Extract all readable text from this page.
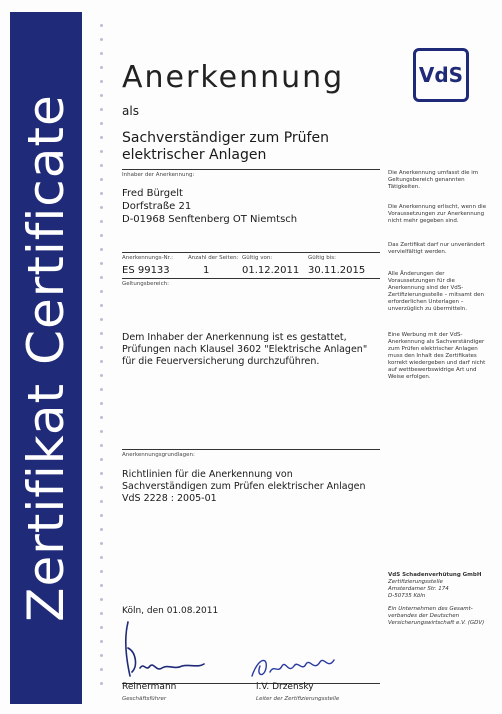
Zertifikat
Certificate
Anerkennung
als
Sachverständiger zum Prüfen
elektrischer Anlagen
VdS
Inhaber der Anerkennung:
Fred Bürgelt
Dorfstraße 21
D-01968 Senftenberg OT Niemtsch
Anerkennungs-Nr.:
ES 99133
Anzahl der Seiten:
1
Gültig von:
01.12.2011
Gültig bis:
30.11.2015
Geltungsbereich:
Dem Inhaber der Anerkennung ist es gestattet,
Prüfungen nach Klausel 3602 "Elektrische Anlagen"
für die Feuerversicherung durchzuführen.
Anerkennungsgrundlagen:
Richtlinien für die Anerkennung von
Sachverständigen zum Prüfen elektrischer Anlagen
VdS 2228 : 2005-01
Die Anerkennung umfasst die im Geltungsbereich genannten Tätigkeiten.
Die Anerkennung erlischt, wenn die Voraussetzungen zur Anerkennung nicht mehr gegeben sind.
Das Zertifikat darf nur unverändert vervielfältigt werden.
Alle Änderungen der Voraussetzungen für die Anerkennung sind der VdS-Zertifizierungsstelle – mitsamt den erforderlichen Unterlagen – unverzüglich zu übermitteln.
Eine Werbung mit der VdS-Anerkennung als Sachverständiger zum Prüfen elektrischer Anlagen muss den Inhalt des Zertifikates korrekt wiedergeben und darf nicht auf wettbewerbswidrige Art und Weise erfolgen.
VdS Schadenverhütung GmbH
Zertifizierungsstelle
Amsterdamer Str. 174
D-50735 Köln
Ein Unternehmen des Gesamt-
verbandes der Deutschen
Versicherungswirtschaft e.V. (GDV)
Köln, den 01.08.2011
Reinermann
Geschäftsführer
i.V. Drzensky
Leiter der Zertifizierungsstelle
